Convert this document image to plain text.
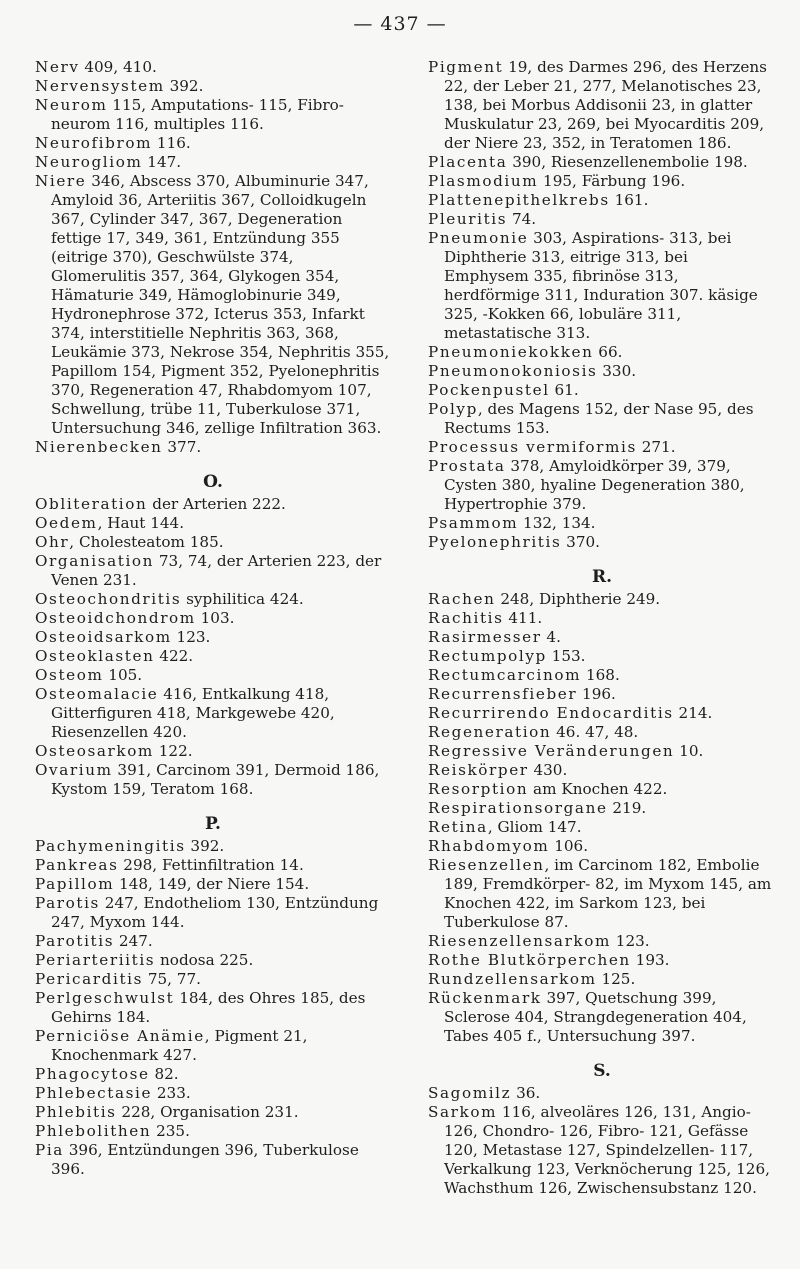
— 437 —

Nerv 409, 410.

Nervensystem 392.

Neurom 115, Amputations- 115, Fibro-neurom 116, multiples 116.

Neurofibrom 116.

Neurogliom 147.

Niere 346, Abscess 370, Albuminurie 347, Amyloid 36, Arteriitis 367, Colloidkugeln 367, Cylinder 347, 367, Degeneration fettige 17, 349, 361, Entzündung 355 (eitrige 370), Geschwülste 374, Glomerulitis 357, 364, Glykogen 354, Hämaturie 349, Hämoglobinurie 349, Hydronephrose 372, Icterus 353, Infarkt 374, interstitielle Nephritis 363, 368, Leukämie 373, Nekrose 354, Nephritis 355, Papillom 154, Pigment 352, Pyelonephritis 370, Regeneration 47, Rhabdomyom 107, Schwellung, trübe 11, Tuberkulose 371, Untersuchung 346, zellige Infiltration 363.

Nierenbecken 377.

O.

Obliteration der Arterien 222.

Oedem, Haut 144.

Ohr, Cholesteatom 185.

Organisation 73, 74, der Arterien 223, der Venen 231.

Osteochondritis syphilitica 424.

Osteoidchondrom 103.

Osteoidsarkom 123.

Osteoklasten 422.

Osteom 105.

Osteomalacie 416, Entkalkung 418, Gitterfiguren 418, Markgewebe 420, Riesenzellen 420.

Osteosarkom 122.

Ovarium 391, Carcinom 391, Dermoid 186, Kystom 159, Teratom 168.

P.

Pachymeningitis 392.

Pankreas 298, Fettinfiltration 14.

Papillom 148, 149, der Niere 154.

Parotis 247, Endotheliom 130, Entzündung 247, Myxom 144.

Parotitis 247.

Periarteriitis nodosa 225.

Pericarditis 75, 77.

Perlgeschwulst 184, des Ohres 185, des Gehirns 184.

Perniciöse Anämie, Pigment 21, Knochenmark 427.

Phagocytose 82.

Phlebectasie 233.

Phlebitis 228, Organisation 231.

Phlebolithen 235.

Pia 396, Entzündungen 396, Tuberkulose 396.

Pigment 19, des Darmes 296, des Herzens 22, der Leber 21, 277, Melanotisches 23, 138, bei Morbus Addisonii 23, in glatter Muskulatur 23, 269, bei Myocarditis 209, der Niere 23, 352, in Teratomen 186.

Placenta 390, Riesenzellenembolie 198.

Plasmodium 195, Färbung 196.

Plattenepithelkrebs 161.

Pleuritis 74.

Pneumonie 303, Aspirations- 313, bei Diphtherie 313, eitrige 313, bei Emphysem 335, fibrinöse 313, herdförmige 311, Induration 307. käsige 325, -Kokken 66, lobuläre 311, metastatische 313.

Pneumoniekokken 66.

Pneumonokoniosis 330.

Pockenpustel 61.

Polyp, des Magens 152, der Nase 95, des Rectums 153.

Processus vermiformis 271.

Prostata 378, Amyloidkörper 39, 379, Cysten 380, hyaline Degeneration 380, Hypertrophie 379.

Psammom 132, 134.

Pyelonephritis 370.

R.

Rachen 248, Diphtherie 249.

Rachitis 411.

Rasirmesser 4.

Rectumpolyp 153.

Rectumcarcinom 168.

Recurrensfieber 196.

Recurrirendo Endocarditis 214.

Regeneration 46. 47, 48.

Regressive Veränderungen 10.

Reiskörper 430.

Resorption am Knochen 422.

Respirationsorgane 219.

Retina, Gliom 147.

Rhabdomyom 106.

Riesenzellen, im Carcinom 182, Embolie 189, Fremdkörper- 82, im Myxom 145, am Knochen 422, im Sarkom 123, bei Tuberkulose 87.

Riesenzellensarkom 123.

Rothe Blutkörperchen 193.

Rundzellensarkom 125.

Rückenmark 397, Quetschung 399, Sclerose 404, Strangdegeneration 404, Tabes 405 f., Untersuchung 397.

S.

Sagomilz 36.

Sarkom 116, alveoläres 126, 131, Angio- 126, Chondro- 126, Fibro- 121, Gefässe 120, Metastase 127, Spindelzellen- 117, Verkalkung 123, Verknöcherung 125, 126, Wachsthum 126, Zwischensubstanz 120.
